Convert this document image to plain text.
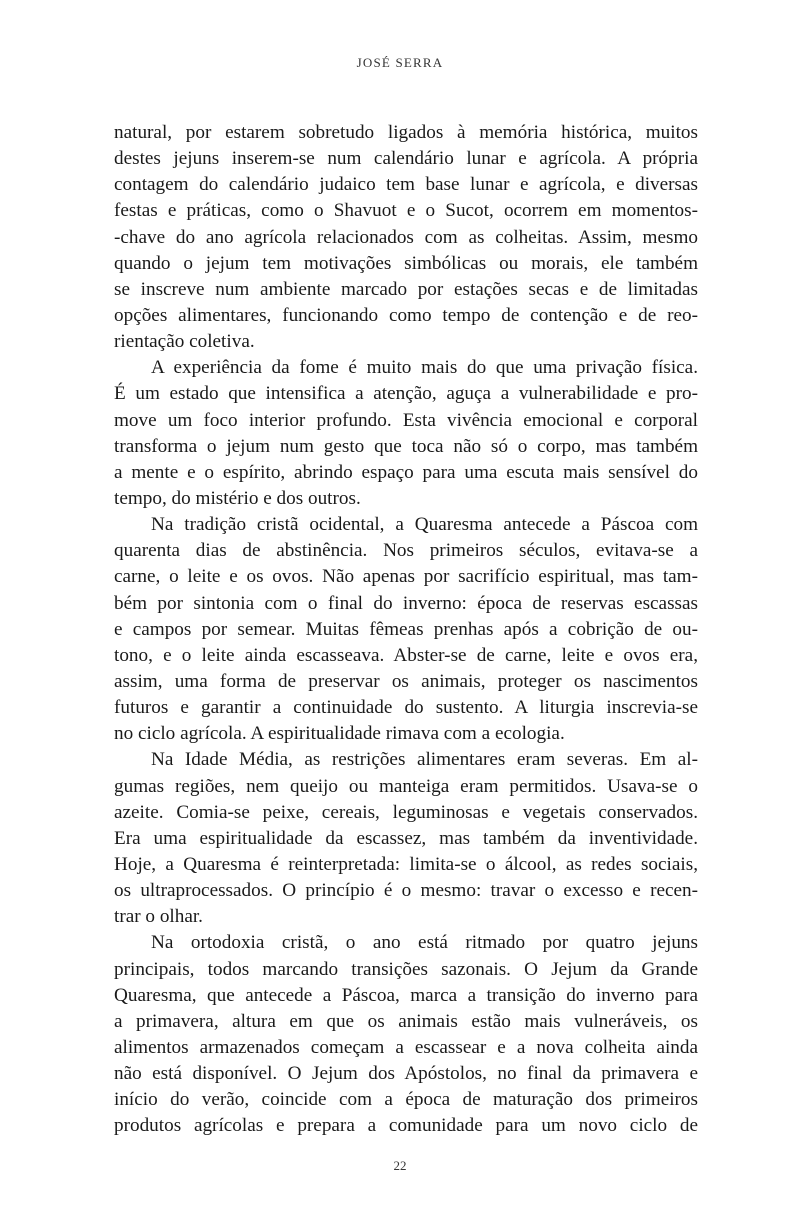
JOSÉ SERRA
natural, por estarem sobretudo ligados à memória histórica, muitos
destes jejuns inserem-se num calendário lunar e agrícola. A própria
contagem do calendário judaico tem base lunar e agrícola, e diversas
festas e práticas, como o Shavuot e o Sucot, ocorrem em momentos-
-chave do ano agrícola relacionados com as colheitas. Assim, mesmo
quando o jejum tem motivações simbólicas ou morais, ele também
se inscreve num ambiente marcado por estações secas e de limitadas
opções alimentares, funcionando como tempo de contenção e de reo-
rientação coletiva.
A experiência da fome é muito mais do que uma privação física.
É um estado que intensifica a atenção, aguça a vulnerabilidade e pro-
move um foco interior profundo. Esta vivência emocional e corporal
transforma o jejum num gesto que toca não só o corpo, mas também
a mente e o espírito, abrindo espaço para uma escuta mais sensível do
tempo, do mistério e dos outros.
Na tradição cristã ocidental, a Quaresma antecede a Páscoa com
quarenta dias de abstinência. Nos primeiros séculos, evitava-se a
carne, o leite e os ovos. Não apenas por sacrifício espiritual, mas tam-
bém por sintonia com o final do inverno: época de reservas escassas
e campos por semear. Muitas fêmeas prenhas após a cobrição de ou-
tono, e o leite ainda escasseava. Abster-se de carne, leite e ovos era,
assim, uma forma de preservar os animais, proteger os nascimentos
futuros e garantir a continuidade do sustento. A liturgia inscrevia-se
no ciclo agrícola. A espiritualidade rimava com a ecologia.
Na Idade Média, as restrições alimentares eram severas. Em al-
gumas regiões, nem queijo ou manteiga eram permitidos. Usava-se o
azeite. Comia-se peixe, cereais, leguminosas e vegetais conservados.
Era uma espiritualidade da escassez, mas também da inventividade.
Hoje, a Quaresma é reinterpretada: limita-se o álcool, as redes sociais,
os ultraprocessados. O princípio é o mesmo: travar o excesso e recen-
trar o olhar.
Na ortodoxia cristã, o ano está ritmado por quatro jejuns
principais, todos marcando transições sazonais. O Jejum da Grande
Quaresma, que antecede a Páscoa, marca a transição do inverno para
a primavera, altura em que os animais estão mais vulneráveis, os
alimentos armazenados começam a escassear e a nova colheita ainda
não está disponível. O Jejum dos Apóstolos, no final da primavera e
início do verão, coincide com a época de maturação dos primeiros
produtos agrícolas e prepara a comunidade para um novo ciclo de
22
